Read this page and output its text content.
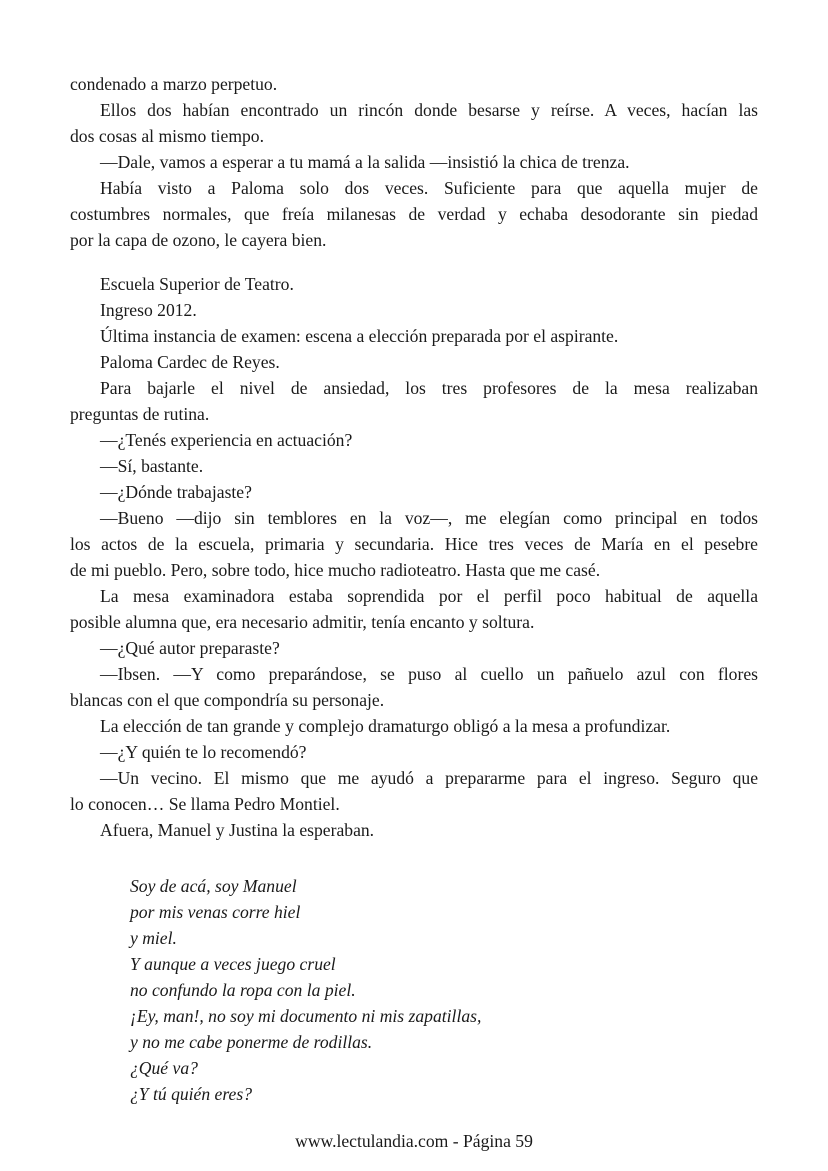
condenado a marzo perpetuo.
Ellos dos habían encontrado un rincón donde besarse y reírse. A veces, hacían las
dos cosas al mismo tiempo.
—Dale, vamos a esperar a tu mamá a la salida —insistió la chica de trenza.
Había visto a Paloma solo dos veces. Suficiente para que aquella mujer de
costumbres normales, que freía milanesas de verdad y echaba desodorante sin piedad
por la capa de ozono, le cayera bien.
Escuela Superior de Teatro.
Ingreso 2012.
Última instancia de examen: escena a elección preparada por el aspirante.
Paloma Cardec de Reyes.
Para bajarle el nivel de ansiedad, los tres profesores de la mesa realizaban
preguntas de rutina.
—¿Tenés experiencia en actuación?
—Sí, bastante.
—¿Dónde trabajaste?
—Bueno —dijo sin temblores en la voz—, me elegían como principal en todos
los actos de la escuela, primaria y secundaria. Hice tres veces de María en el pesebre
de mi pueblo. Pero, sobre todo, hice mucho radioteatro. Hasta que me casé.
La mesa examinadora estaba soprendida por el perfil poco habitual de aquella
posible alumna que, era necesario admitir, tenía encanto y soltura.
—¿Qué autor preparaste?
—Ibsen. —Y como preparándose, se puso al cuello un pañuelo azul con flores
blancas con el que compondría su personaje.
La elección de tan grande y complejo dramaturgo obligó a la mesa a profundizar.
—¿Y quién te lo recomendó?
—Un vecino. El mismo que me ayudó a prepararme para el ingreso. Seguro que
lo conocen… Se llama Pedro Montiel.
Afuera, Manuel y Justina la esperaban.
Soy de acá, soy Manuel
por mis venas corre hiel
y miel.
Y aunque a veces juego cruel
no confundo la ropa con la piel.
¡Ey, man!, no soy mi documento ni mis zapatillas,
y no me cabe ponerme de rodillas.
¿Qué va?
¿Y tú quién eres?
www.lectulandia.com - Página 59
